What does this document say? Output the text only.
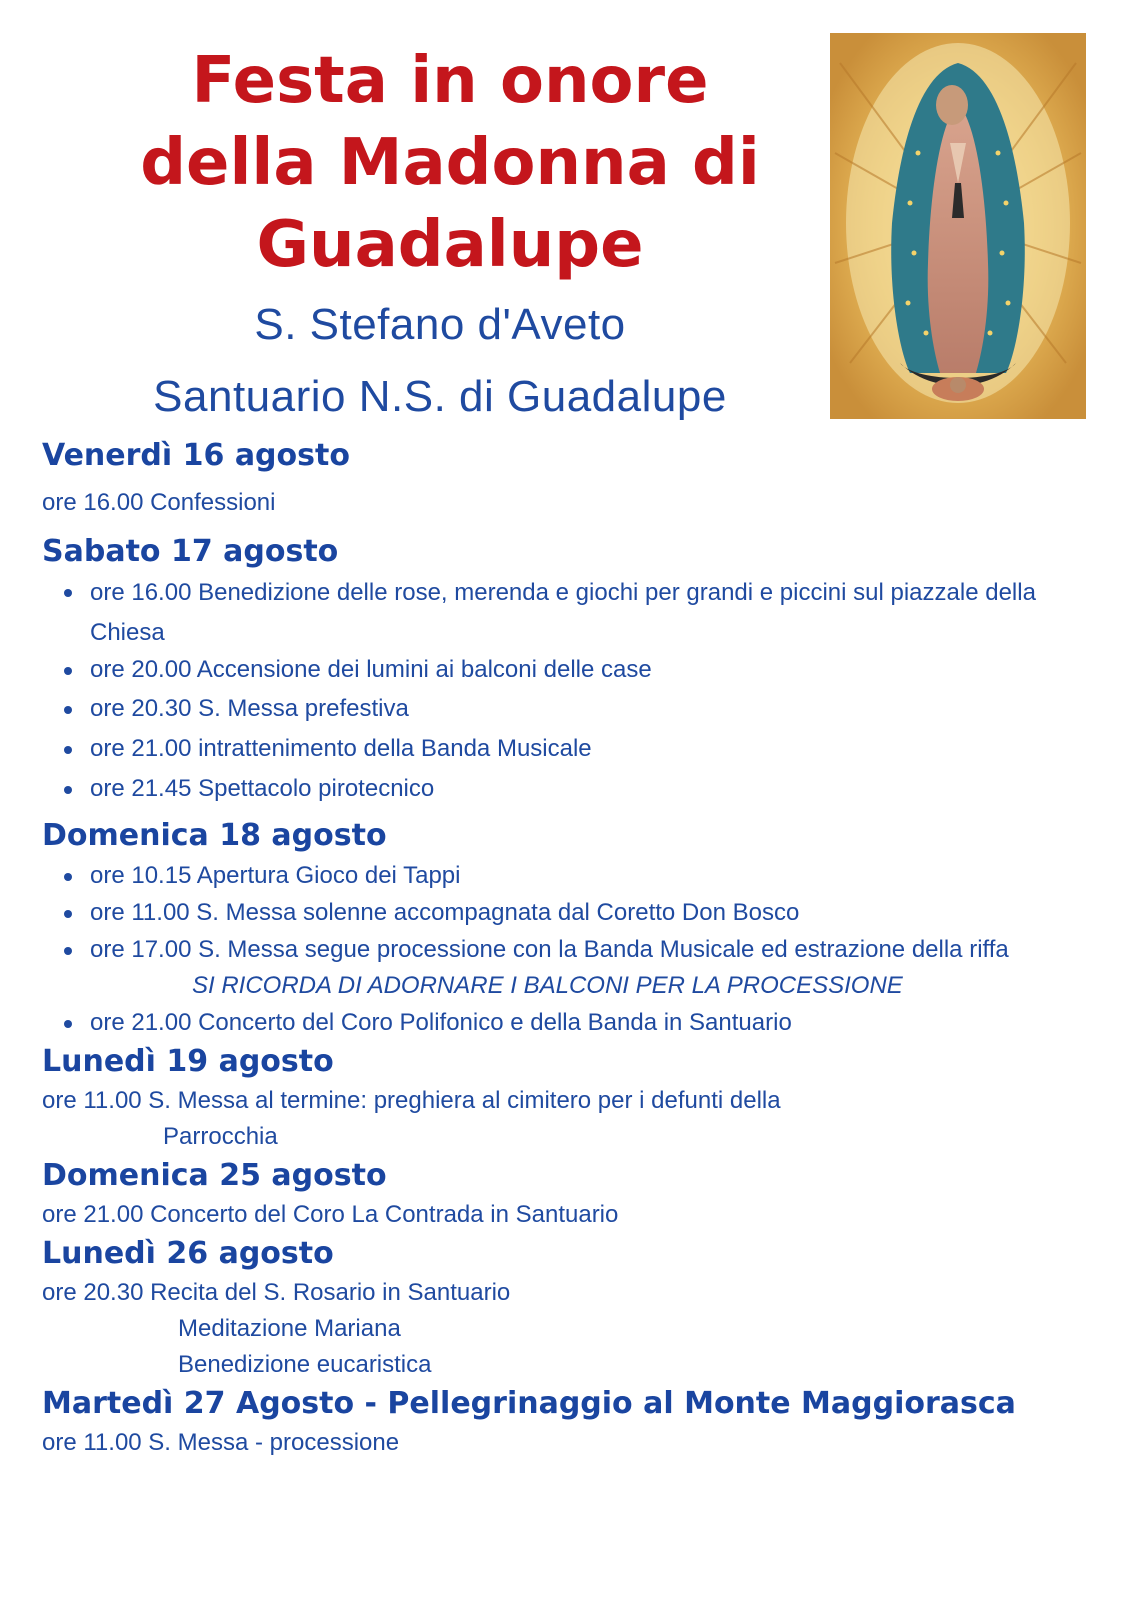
Festa in onore
della Madonna di
Guadalupe

S. Stefano d'Aveto

Santuario N.S. di Guadalupe

Venerdì 16 agosto

ore 16.00 Confessioni

Sabato 17 agosto

ore 16.00 Benedizione delle rose, merenda e giochi per grandi e piccini sul piazzale della Chiesa
ore 20.00 Accensione dei lumini ai balconi delle case
ore 20.30 S. Messa prefestiva
ore 21.00 intrattenimento della Banda Musicale
ore 21.45 Spettacolo pirotecnico

Domenica 18 agosto

ore 10.15 Apertura Gioco dei Tappi
ore 11.00 S. Messa solenne accompagnata dal Coretto Don Bosco
ore 17.00 S. Messa segue processione con la Banda Musicale ed estrazione della riffa

SI RICORDA DI ADORNARE I BALCONI PER LA PROCESSIONE

ore 21.00 Concerto del Coro Polifonico e della Banda in Santuario

Lunedì 19 agosto

ore 11.00 S. Messa al termine: preghiera al cimitero per i defunti della

Parrocchia

Domenica 25 agosto

ore 21.00 Concerto del Coro La Contrada in Santuario

Lunedì 26 agosto

ore 20.30 Recita del S. Rosario in Santuario

Meditazione Mariana

Benedizione eucaristica

Martedì 27 Agosto - Pellegrinaggio al Monte Maggiorasca

ore 11.00 S. Messa - processione
